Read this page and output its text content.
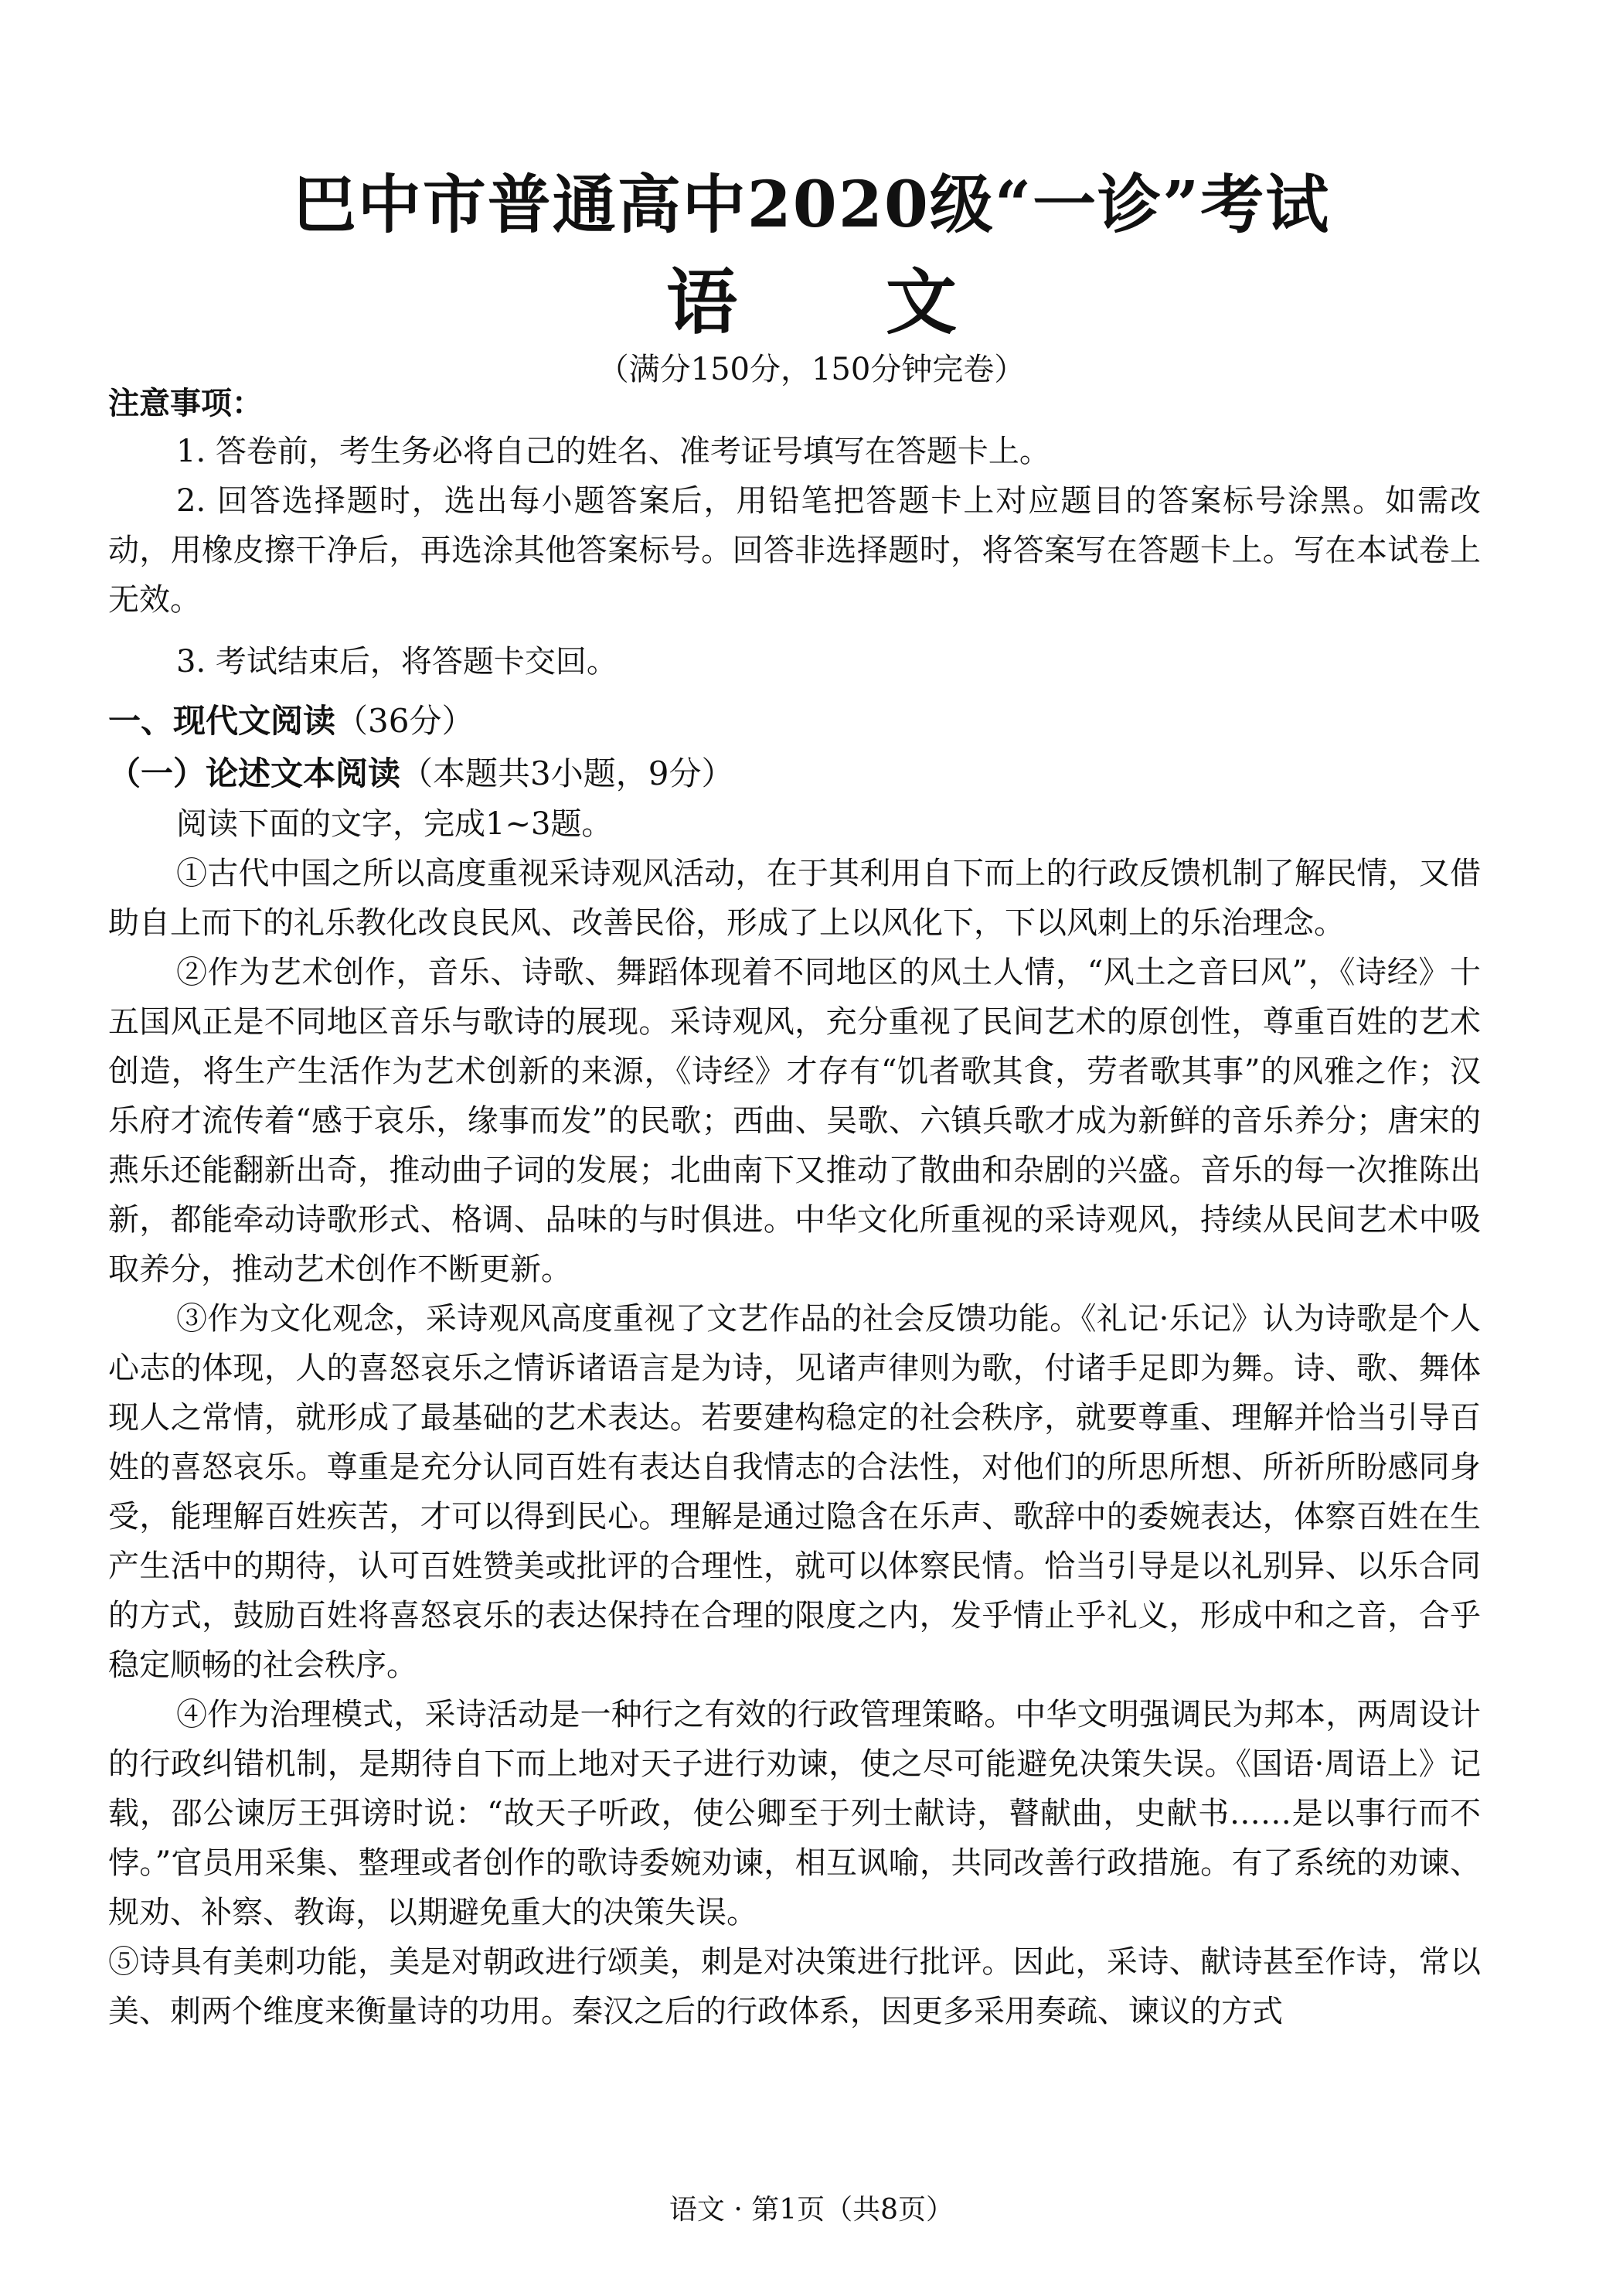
巴中市普通高中2020级“一诊”考试
语 文
（满分150分，150分钟完卷）
注意事项：

1. 答卷前，考生务必将自己的姓名、准考证号填写在答题卡上。

2. 回答选择题时，选出每小题答案后，用铅笔把答题卡上对应题目的答案标号涂黑。如需改动，用橡皮擦干净后，再选涂其他答案标号。回答非选择题时，将答案写在答题卡上。写在本试卷上无效。

3. 考试结束后，将答题卡交回。

一、现代文阅读（36分）
（一）论述文本阅读（本题共3小题，9分）

阅读下面的文字，完成1~3题。

①古代中国之所以高度重视采诗观风活动，在于其利用自下而上的行政反馈机制了解民情，又借助自上而下的礼乐教化改良民风、改善民俗，形成了上以风化下，下以风刺上的乐治理念。

②作为艺术创作，音乐、诗歌、舞蹈体现着不同地区的风土人情，“风土之音曰风”，《诗经》十五国风正是不同地区音乐与歌诗的展现。采诗观风，充分重视了民间艺术的原创性，尊重百姓的艺术创造，将生产生活作为艺术创新的来源，《诗经》才存有“饥者歌其食，劳者歌其事”的风雅之作；汉乐府才流传着“感于哀乐，缘事而发”的民歌；西曲、吴歌、六镇兵歌才成为新鲜的音乐养分；唐宋的燕乐还能翻新出奇，推动曲子词的发展；北曲南下又推动了散曲和杂剧的兴盛。音乐的每一次推陈出新，都能牵动诗歌形式、格调、品味的与时俱进。中华文化所重视的采诗观风，持续从民间艺术中吸取养分，推动艺术创作不断更新。

③作为文化观念，采诗观风高度重视了文艺作品的社会反馈功能。《礼记·乐记》认为诗歌是个人心志的体现，人的喜怒哀乐之情诉诸语言是为诗，见诸声律则为歌，付诸手足即为舞。诗、歌、舞体现人之常情，就形成了最基础的艺术表达。若要建构稳定的社会秩序，就要尊重、理解并恰当引导百姓的喜怒哀乐。尊重是充分认同百姓有表达自我情志的合法性，对他们的所思所想、所祈所盼感同身受，能理解百姓疾苦，才可以得到民心。理解是通过隐含在乐声、歌辞中的委婉表达，体察百姓在生产生活中的期待，认可百姓赞美或批评的合理性，就可以体察民情。恰当引导是以礼别异、以乐合同的方式，鼓励百姓将喜怒哀乐的表达保持在合理的限度之内，发乎情止乎礼义，形成中和之音，合乎稳定顺畅的社会秩序。

④作为治理模式，采诗活动是一种行之有效的行政管理策略。中华文明强调民为邦本，两周设计的行政纠错机制，是期待自下而上地对天子进行劝谏，使之尽可能避免决策失误。《国语·周语上》记载，邵公谏厉王弭谤时说：“故天子听政，使公卿至于列士献诗，瞽献曲，史献书……是以事行而不悖。”官员用采集、整理或者创作的歌诗委婉劝谏，相互讽喻，共同改善行政措施。有了系统的劝谏、规劝、补察、教诲，以期避免重大的决策失误。

⑤诗具有美刺功能，美是对朝政进行颂美，刺是对决策进行批评。因此，采诗、献诗甚至作诗，常以美、刺两个维度来衡量诗的功用。秦汉之后的行政体系，因更多采用奏疏、谏议的方式

语文 · 第1页（共8页）
